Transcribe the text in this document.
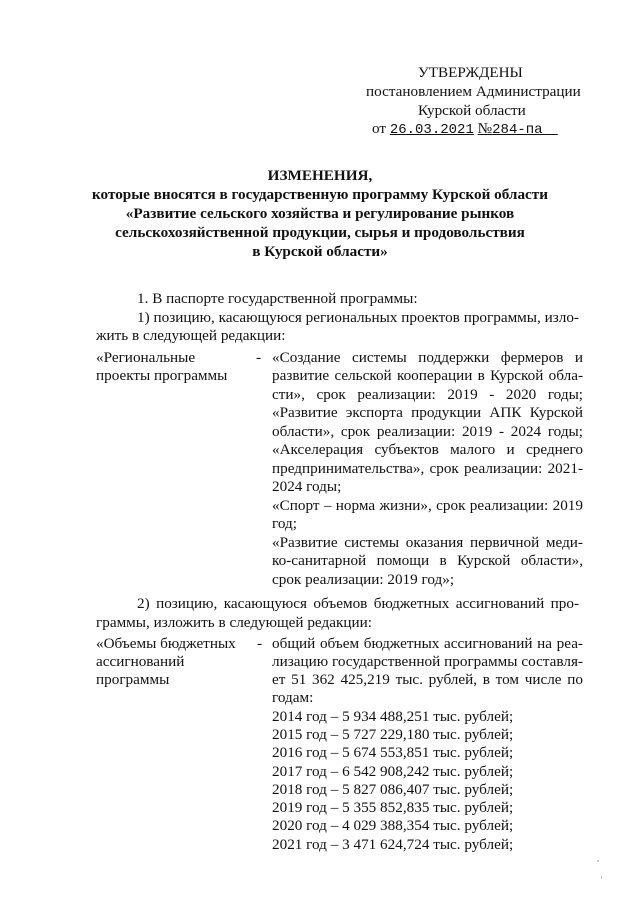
УТВЕРЖДЕНЫ
постановлением Администрации
Курской области
от 26.03.2021 №284-па
ИЗМЕНЕНИЯ,
которые вносятся в государственную программу Курской области
«Развитие сельского хозяйства и регулирование рынков
сельскохозяйственной продукции, сырья и продовольствия
в Курской области»
1. В паспорте государственной программы:
1) позицию, касающуюся региональных проектов программы, изло-
жить в следующей редакции:
«Региональные
проекты программы
- «Создание системы поддержки фермеров и
развитие сельской кооперации в Курской обла-
сти», срок реализации: 2019 - 2020 годы;
«Развитие экспорта продукции АПК Курской
области», срок реализации: 2019 - 2024 годы;
«Акселерация субъектов малого и среднего
предпринимательства», срок реализации: 2021-
2024 годы;
«Спорт – норма жизни», срок реализации: 2019
год;
«Развитие системы оказания первичной меди-
ко-санитарной помощи в Курской области»,
срок реализации: 2019 год»;
2) позицию, касающуюся объемов бюджетных ассигнований про-
граммы, изложить в следующей редакции:
«Объемы бюджетных
ассигнований
программы
- общий объем бюджетных ассигнований на реа-
лизацию государственной программы составля-
ет 51 362 425,219 тыс. рублей, в том числе по
годам:
2014 год – 5 934 488,251 тыс. рублей;
2015 год – 5 727 229,180 тыс. рублей;
2016 год – 5 674 553,851 тыс. рублей;
2017 год – 6 542 908,242 тыс. рублей;
2018 год – 5 827 086,407 тыс. рублей;
2019 год – 5 355 852,835 тыс. рублей;
2020 год – 4 029 388,354 тыс. рублей;
2021 год – 3 471 624,724 тыс. рублей;
